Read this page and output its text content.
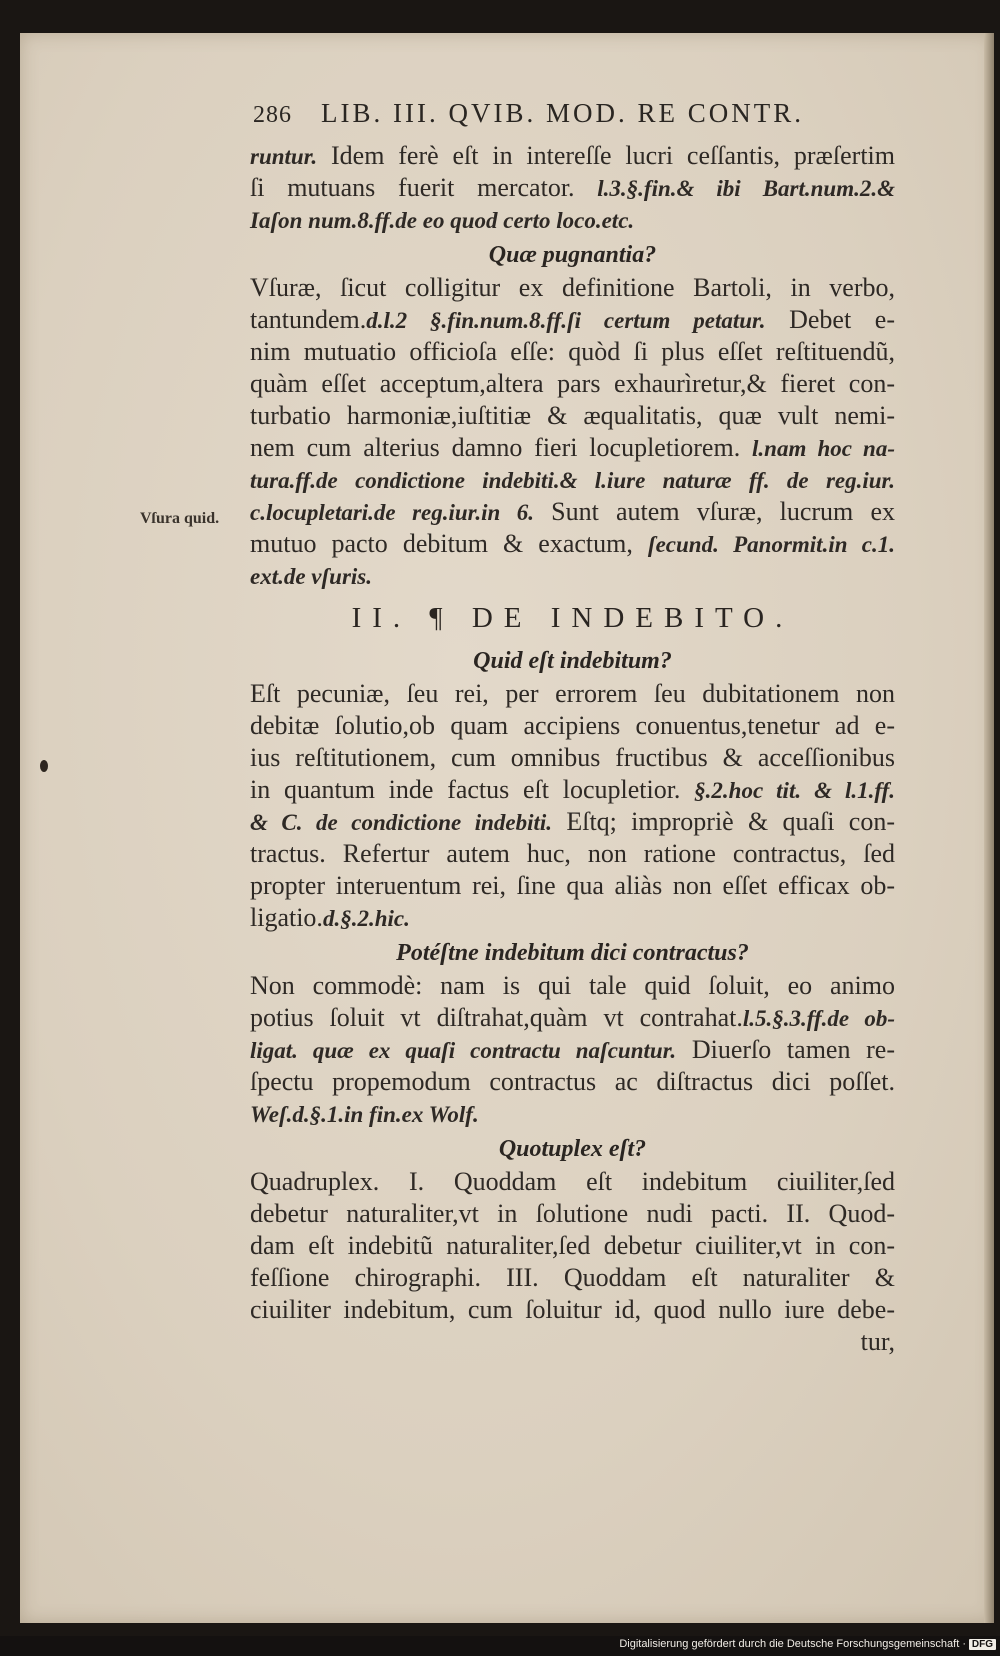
286 LIB. III. QVIB. MOD. RE CONTR.
Vſura quid.
runtur. Idem ferè eſt in intereſſe lucri ceſſantis, præſertim
ſi mutuans fuerit mercator. l.3.§.fin.& ibi Bart.num.2.&
Iaſon num.8.ff.de eo quod certo loco.etc.
Quæ pugnantia?
Vſuræ, ſicut colligitur ex definitione Bartoli, in verbo,
tantundem.d.l.2 §.fin.num.8.ff.ſi certum petatur. Debet e-
nim mutuatio officioſa eſſe: quòd ſi plus eſſet reſtituendũ,
quàm eſſet acceptum,altera pars exhaurìretur,& fieret con-
turbatio harmoniæ,iuſtitiæ & æqualitatis, quæ vult nemi-
nem cum alterius damno fieri locupletiorem. l.nam hoc na-
tura.ff.de condictione indebiti.& l.iure naturæ ff. de reg.iur.
c.locupletari.de reg.iur.in 6. Sunt autem vſuræ, lucrum ex
mutuo pacto debitum & exactum, ſecund. Panormit.in c.1.
ext.de vſuris.
II. ¶ DE INDEBITO.
Quid eſt indebitum?
Eſt pecuniæ, ſeu rei, per errorem ſeu dubitationem non
debitæ ſolutio,ob quam accipiens conuentus,tenetur ad e-
ius reſtitutionem, cum omnibus fructibus & acceſſionibus
in quantum inde factus eſt locupletior. §.2.hoc tit. & l.1.ff.
& C. de condictione indebiti. Eſtq; impropriè & quaſi con-
tractus. Refertur autem huc, non ratione contractus, ſed
propter interuentum rei, ſine qua aliàs non eſſet efficax ob-
ligatio.d.§.2.hic.
Potéſtne indebitum dici contractus?
Non commodè: nam is qui tale quid ſoluit, eo animo
potius ſoluit vt diſtrahat,quàm vt contrahat.l.5.§.3.ff.de ob-
ligat. quæ ex quaſi contractu naſcuntur. Diuerſo tamen re-
ſpectu propemodum contractus ac diſtractus dici poſſet.
Weſ.d.§.1.in fin.ex Wolf.
Quotuplex eſt?
Quadruplex. I. Quoddam eſt indebitum ciuiliter,ſed
debetur naturaliter,vt in ſolutione nudi pacti. II. Quod-
dam eſt indebitũ naturaliter,ſed debetur ciuiliter,vt in con-
feſſione chirographi. III. Quoddam eſt naturaliter &
ciuiliter indebitum, cum ſoluitur id, quod nullo iure debe-
tur,
Digitalisierung gefördert durch die Deutsche Forschungsgemeinschaft · DFG
